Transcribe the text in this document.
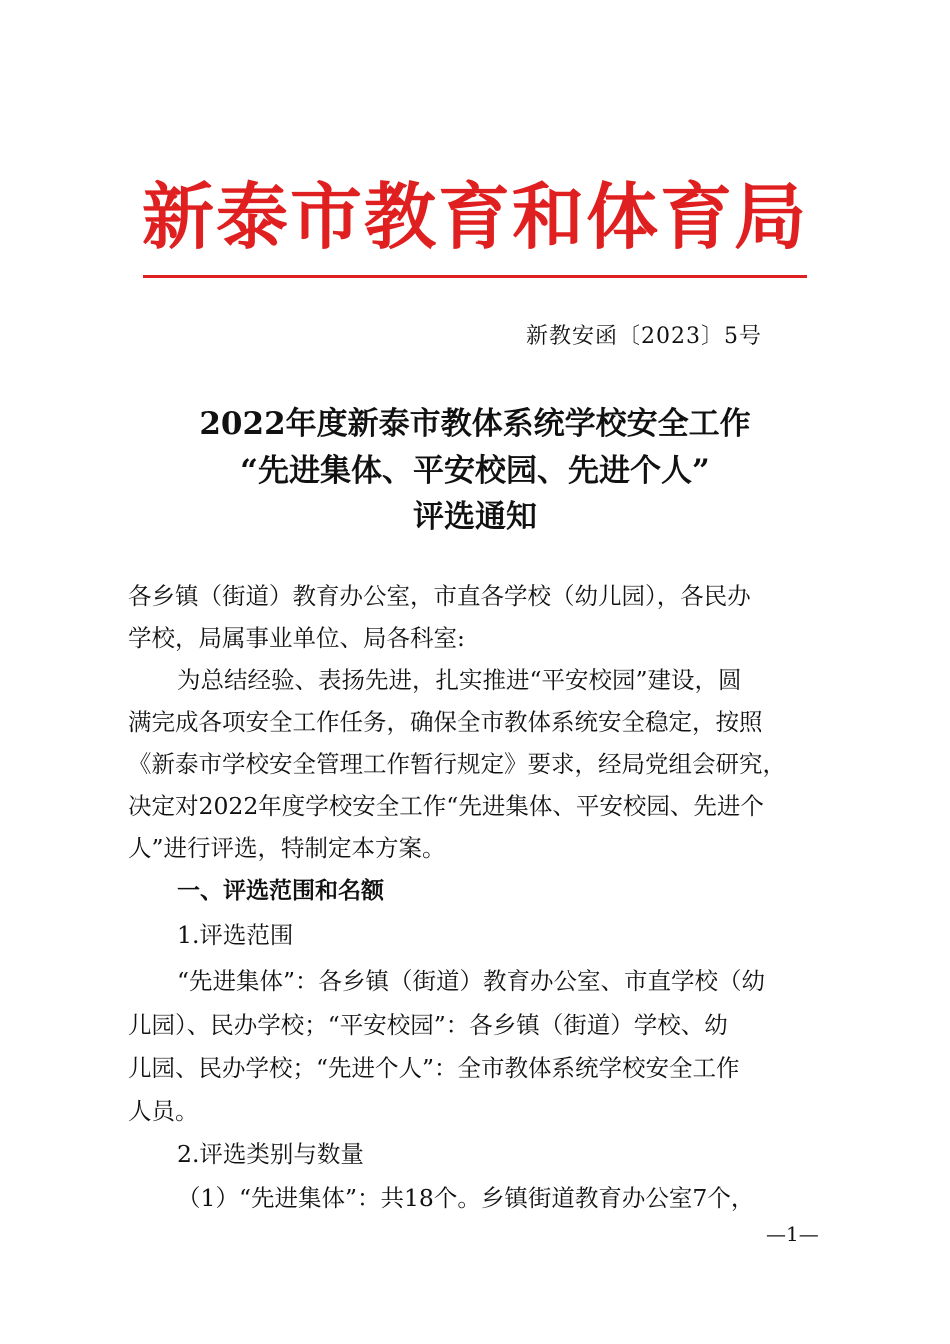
新泰市教育和体育局
新教安函〔2023〕5号
2022年度新泰市教体系统学校安全工作
“先进集体、平安校园、先进个人”
评选通知
各乡镇（街道）教育办公室，市直各学校（幼儿园），各民办
学校，局属事业单位、局各科室:
为总结经验、表扬先进，扎实推进“平安校园”建设，圆
满完成各项安全工作任务，确保全市教体系统安全稳定，按照
《新泰市学校安全管理工作暂行规定》要求，经局党组会研究，
决定对2022年度学校安全工作“先进集体、平安校园、先进个
人”进行评选，特制定本方案。
一、评选范围和名额
1.评选范围
“先进集体”：各乡镇（街道）教育办公室、市直学校（幼
儿园）、民办学校；“平安校园”：各乡镇（街道）学校、幼
儿园、民办学校；“先进个人”：全市教体系统学校安全工作
人员。
2.评选类别与数量
（1）“先进集体”：共18个。乡镇街道教育办公室7个，
—1—
